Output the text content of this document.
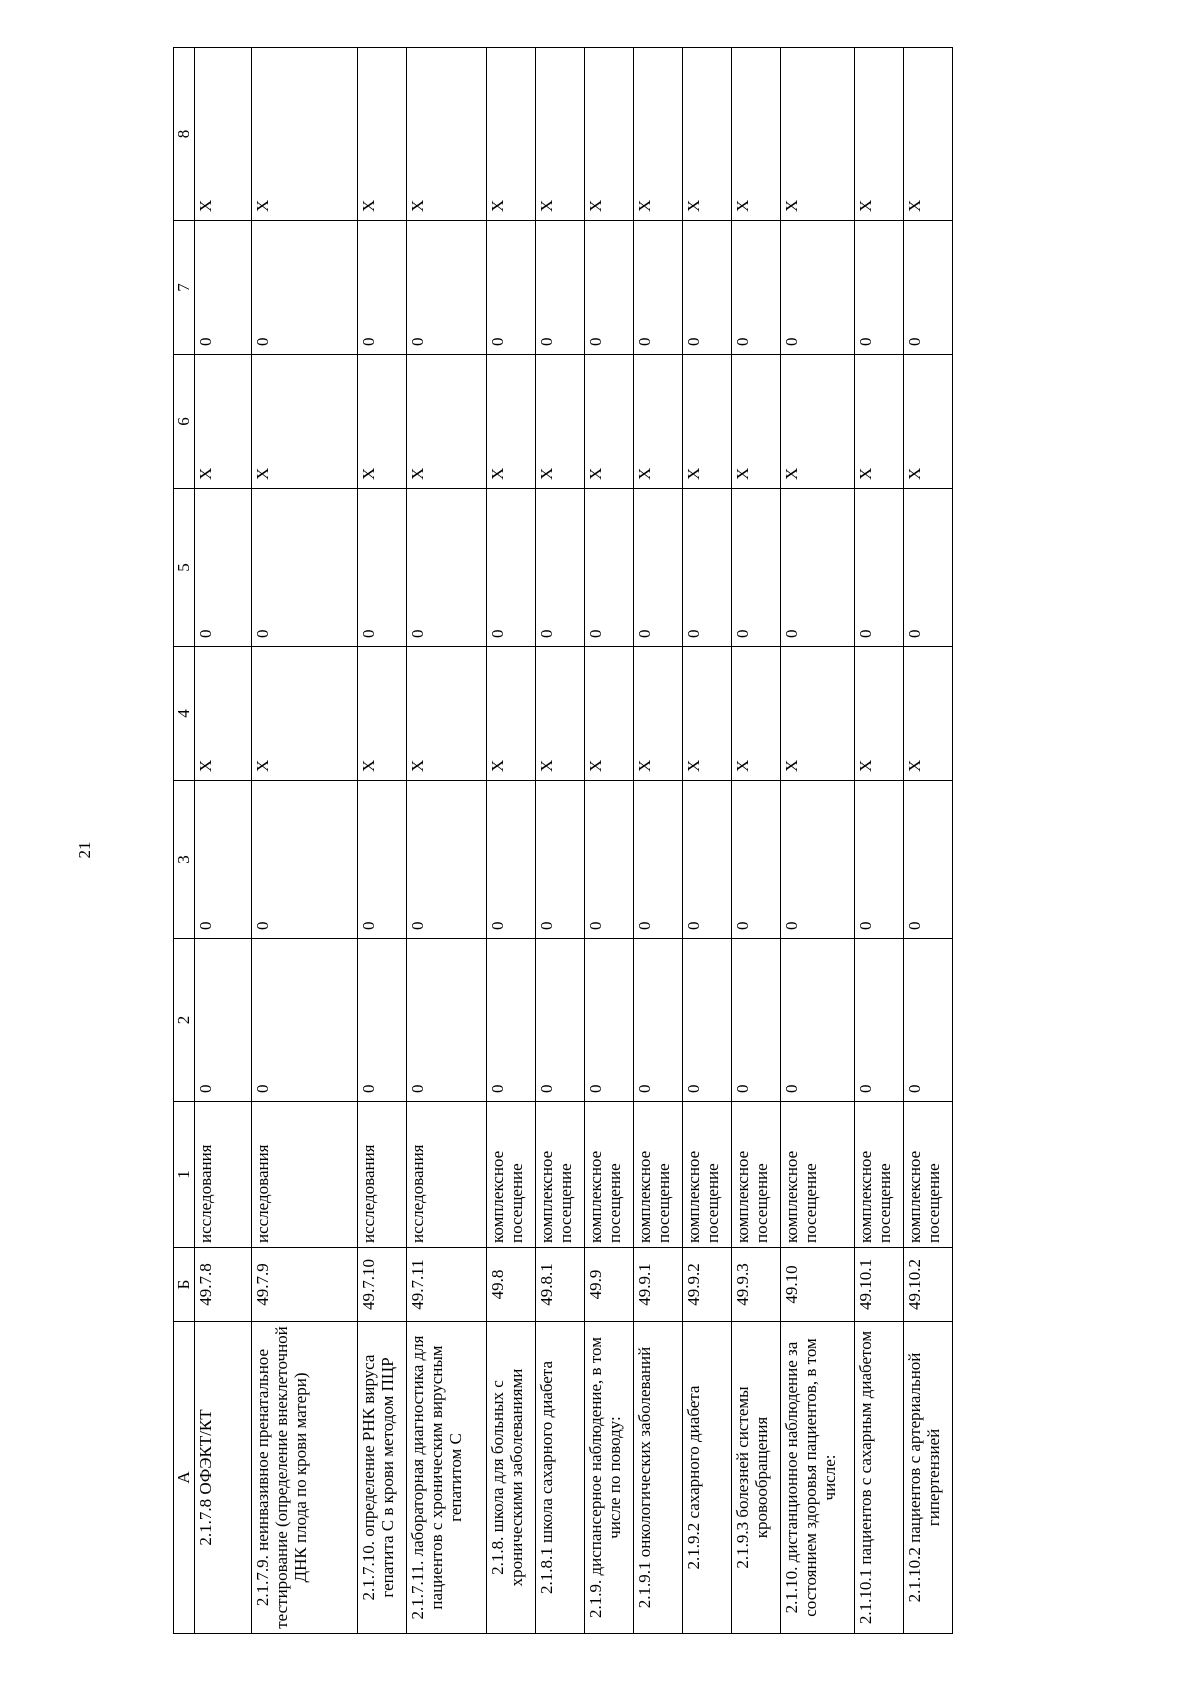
21
А	Б	1	2	3	4	5	6	7	8
2.1.7.8 ОФЭКТ/КТ	49.7.8	исследования	0	0	X	0	X	0	X
2.1.7.9. неинвазивное пренатальное тестирование (определение внеклеточной ДНК плода по крови матери)	49.7.9	исследования	0	0	X	0	X	0	X
2.1.7.10. определение РНК вируса гепатита С в крови методом ПЦР	49.7.10	исследования	0	0	X	0	X	0	X
2.1.7.11. лабораторная диагностика для пациентов с хроническим вирусным гепатитом С	49.7.11	исследования	0	0	X	0	X	0	X
2.1.8. школа для больных с хроническими заболеваниями	49.8	комплексное посещение	0	0	X	0	X	0	X
2.1.8.1 школа сахарного диабета	49.8.1	комплексное посещение	0	0	X	0	X	0	X
2.1.9. диспансерное наблюдение, в том числе по поводу:	49.9	комплексное посещение	0	0	X	0	X	0	X
2.1.9.1 онкологических заболеваний	49.9.1	комплексное посещение	0	0	X	0	X	0	X
2.1.9.2 сахарного диабета	49.9.2	комплексное посещение	0	0	X	0	X	0	X
2.1.9.3 болезней системы кровообращения	49.9.3	комплексное посещение	0	0	X	0	X	0	X
2.1.10. дистанционное наблюдение за состоянием здоровья пациентов, в том числе:	49.10	комплексное посещение	0	0	X	0	X	0	X
2.1.10.1 пациентов с сахарным диабетом	49.10.1	комплексное посещение	0	0	X	0	X	0	X
2.1.10.2 пациентов с артериальной гипертензией	49.10.2	комплексное посещение	0	0	X	0	X	0	X
